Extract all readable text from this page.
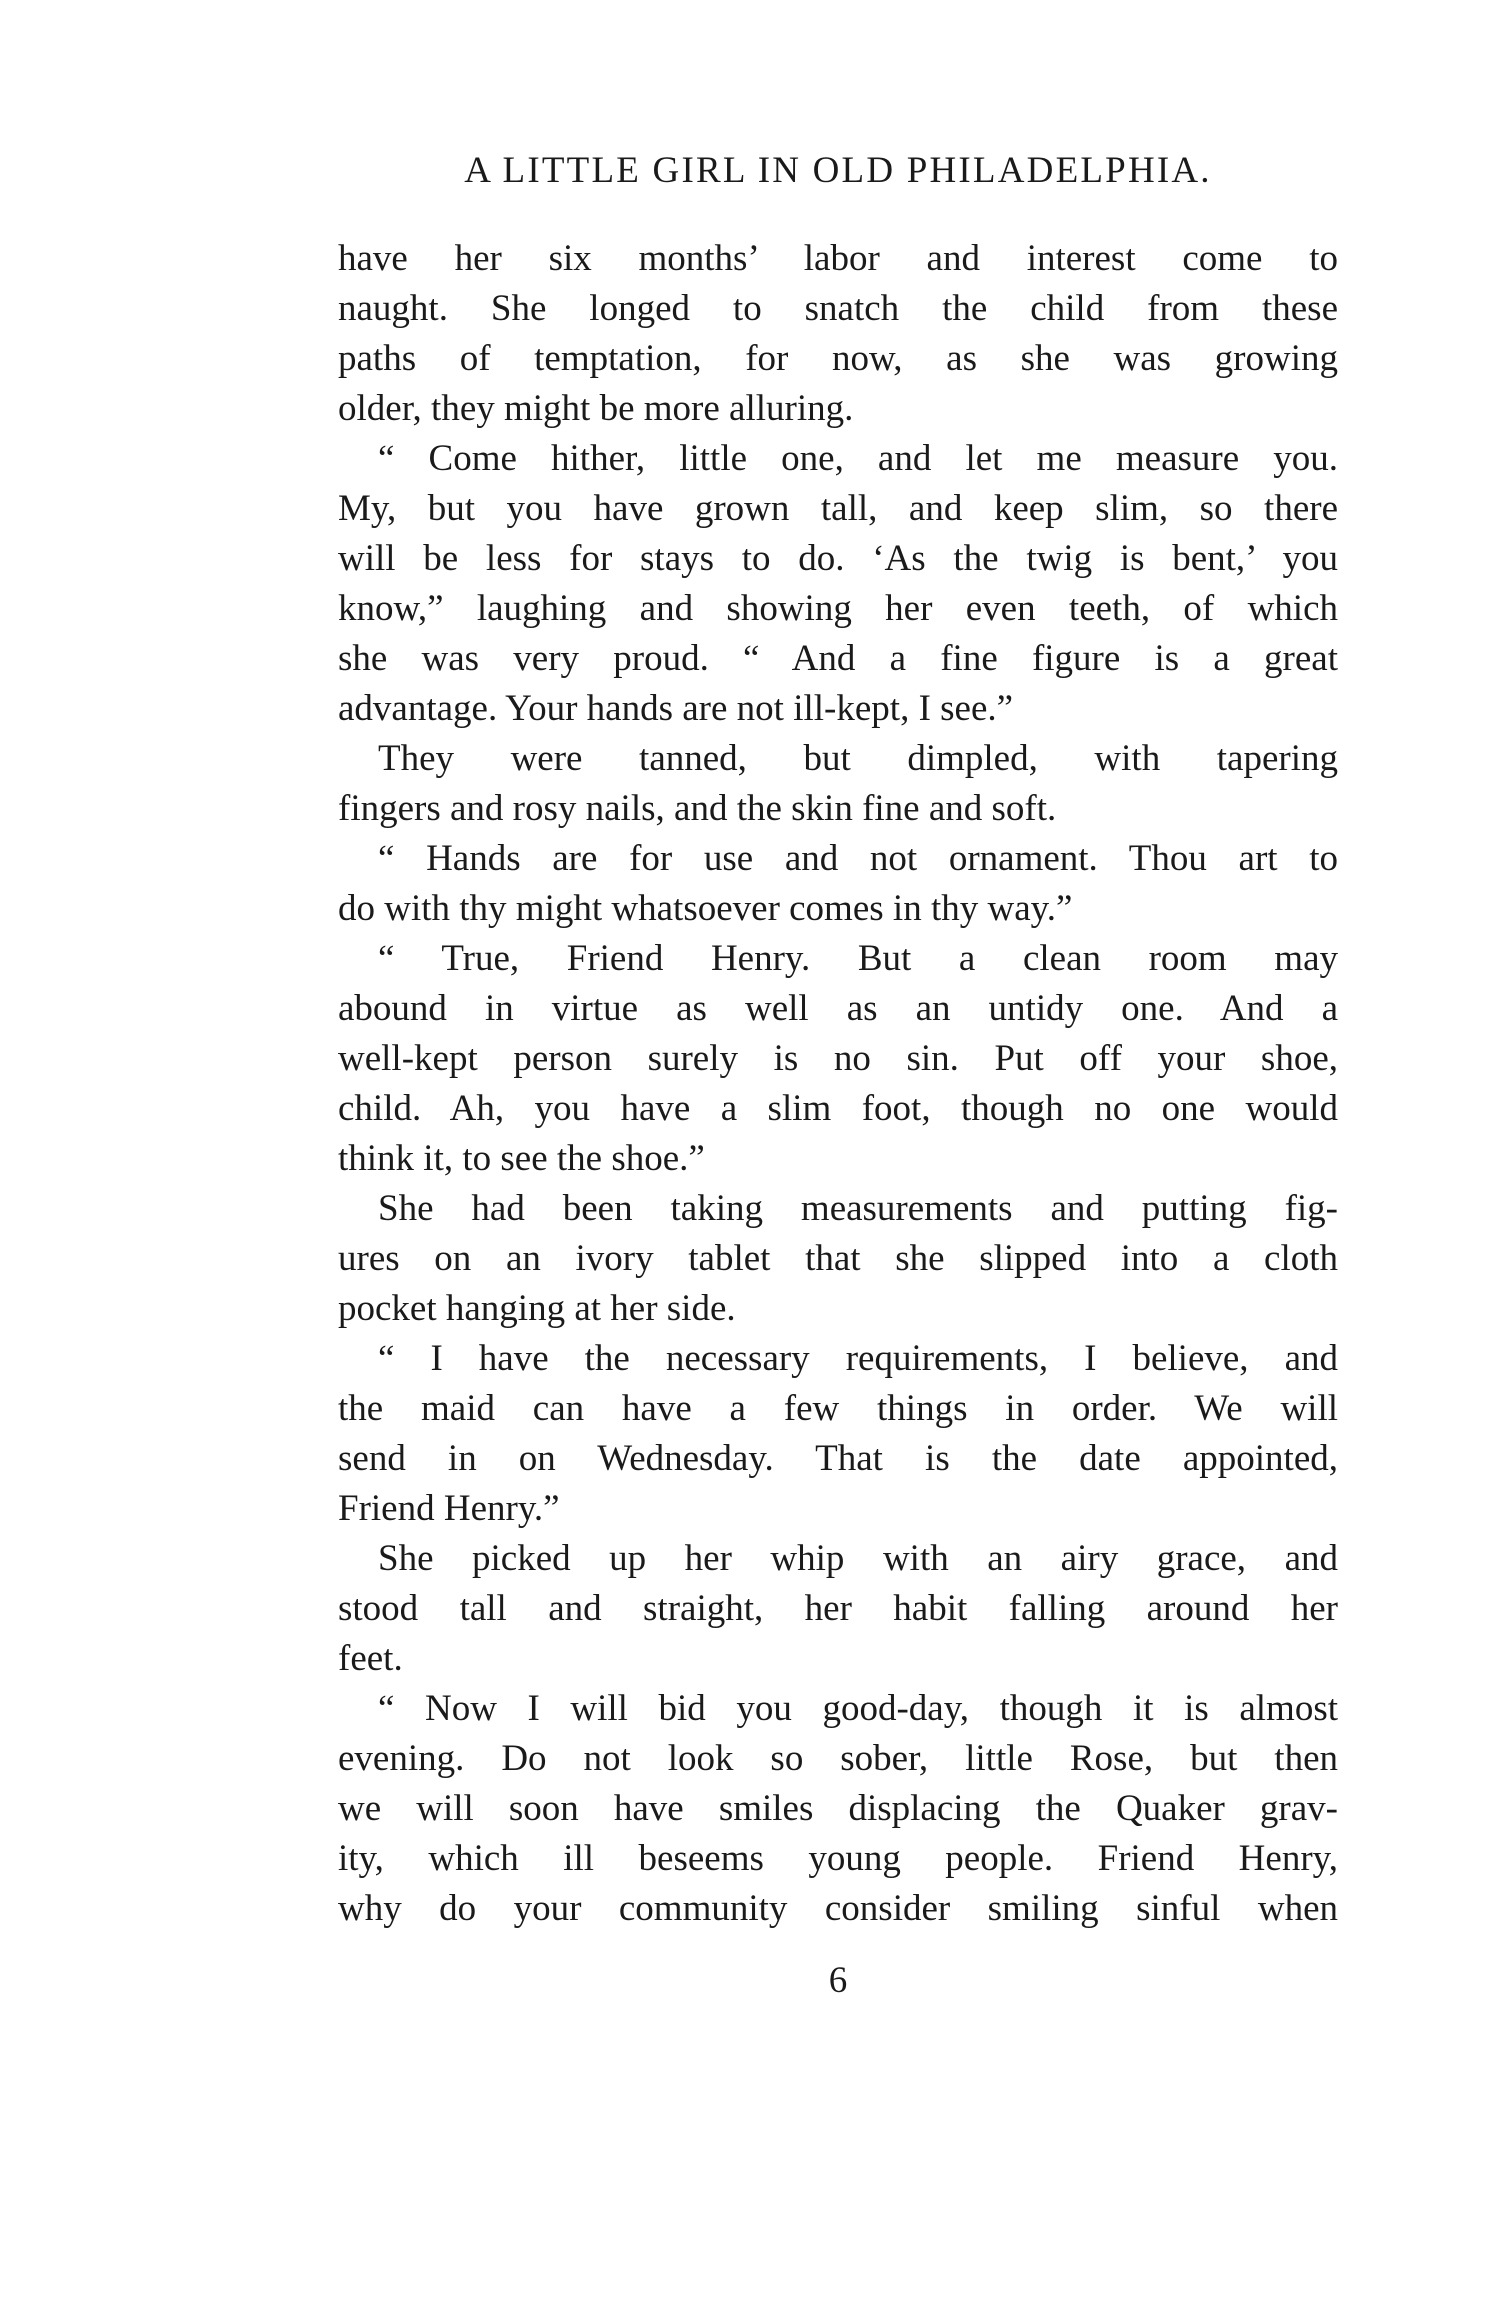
A LITTLE GIRL IN OLD PHILADELPHIA.
have her six months’ labor and interest come to
naught. She longed to snatch the child from these
paths of temptation, for now, as she was growing
older, they might be more alluring.
“ Come hither, little one, and let me measure you.
My, but you have grown tall, and keep slim, so there
will be less for stays to do. ‘As the twig is bent,’ you
know,” laughing and showing her even teeth, of which
she was very proud. “ And a fine figure is a great
advantage. Your hands are not ill-kept, I see.”
They were tanned, but dimpled, with tapering
fingers and rosy nails, and the skin fine and soft.
“ Hands are for use and not ornament. Thou art to
do with thy might whatsoever comes in thy way.”
“ True, Friend Henry. But a clean room may
abound in virtue as well as an untidy one. And a
well-kept person surely is no sin. Put off your shoe,
child. Ah, you have a slim foot, though no one would
think it, to see the shoe.”
She had been taking measurements and putting fig-
ures on an ivory tablet that she slipped into a cloth
pocket hanging at her side.
“ I have the necessary requirements, I believe, and
the maid can have a few things in order. We will
send in on Wednesday. That is the date appointed,
Friend Henry.”
She picked up her whip with an airy grace, and
stood tall and straight, her habit falling around her
feet.
“ Now I will bid you good-day, though it is almost
evening. Do not look so sober, little Rose, but then
we will soon have smiles displacing the Quaker grav-
ity, which ill beseems young people. Friend Henry,
why do your community consider smiling sinful when
6
